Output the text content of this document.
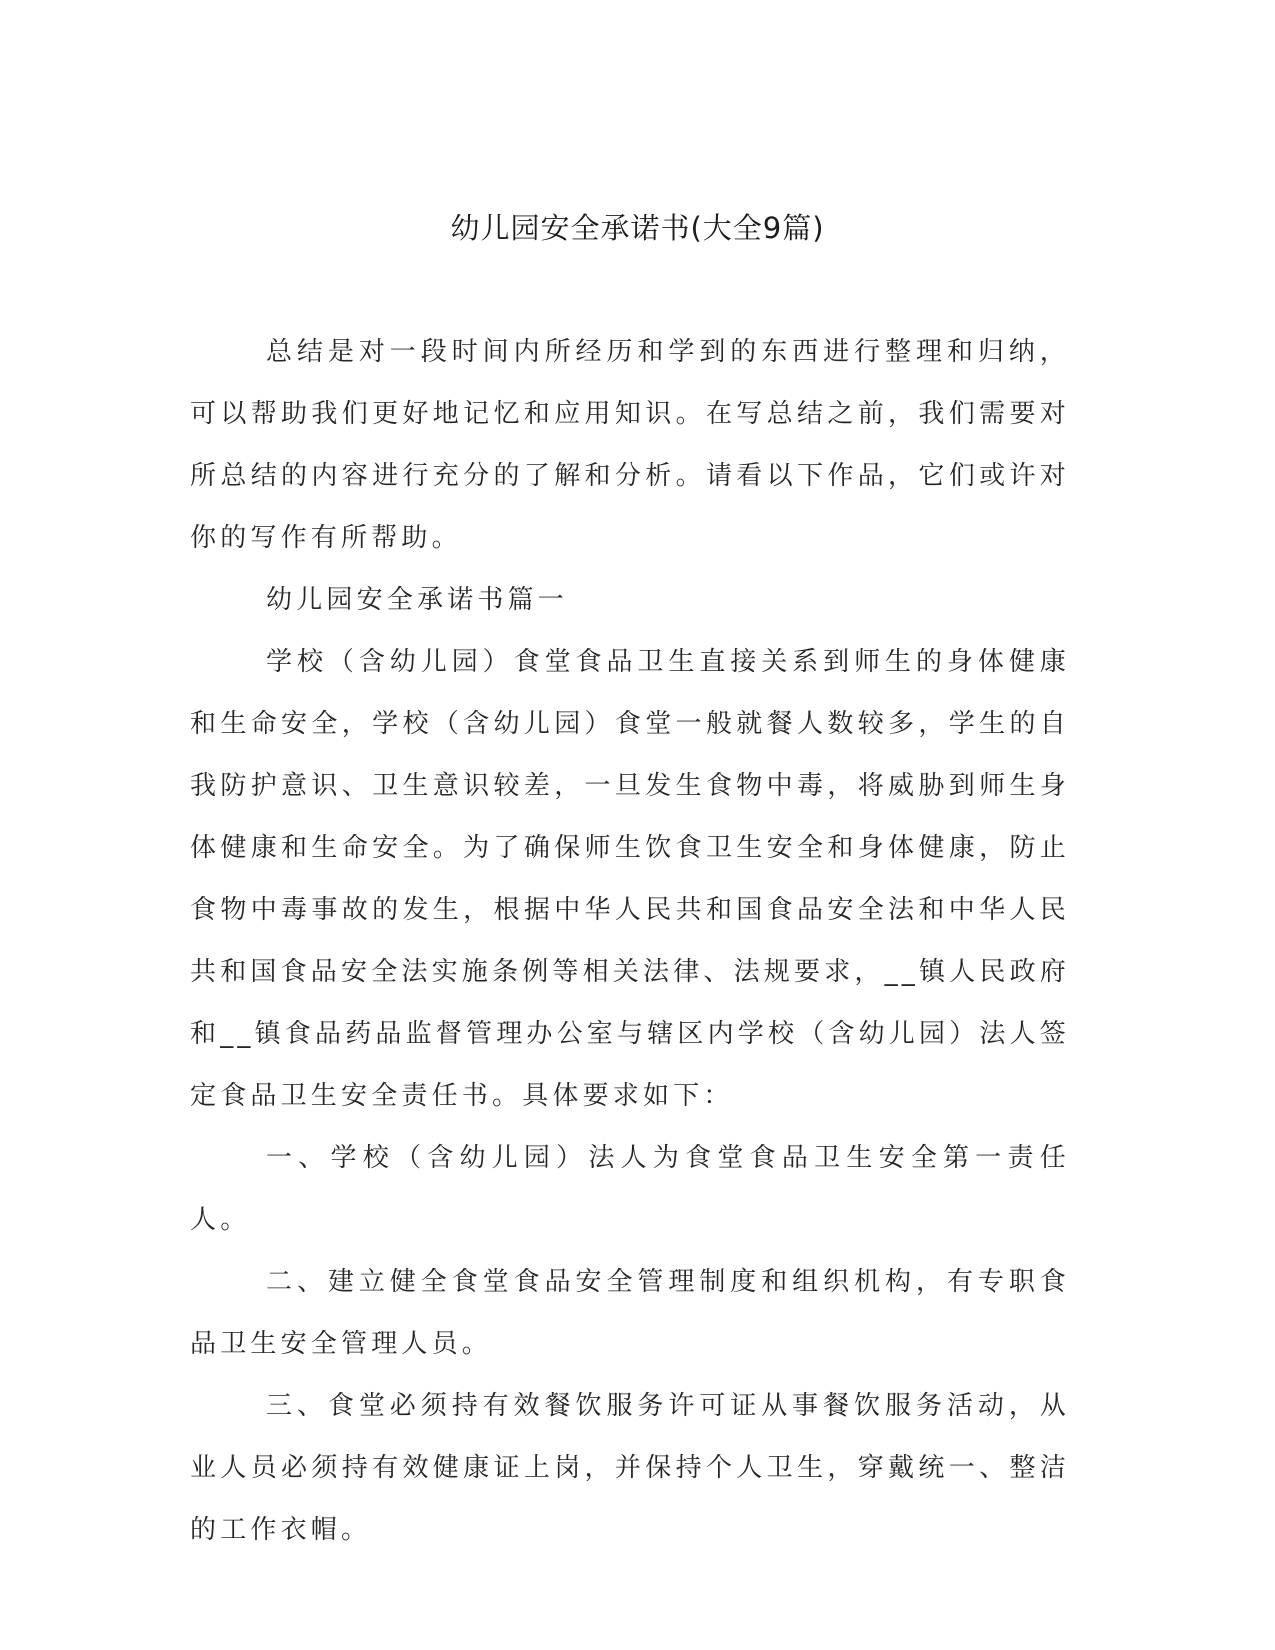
幼儿园安全承诺书(大全9篇)

总结是对一段时间内所经历和学到的东西进行整理和归纳，可以帮助我们更好地记忆和应用知识。在写总结之前，我们需要对所总结的内容进行充分的了解和分析。请看以下作品，它们或许对你的写作有所帮助。

幼儿园安全承诺书篇一

学校（含幼儿园）食堂食品卫生直接关系到师生的身体健康和生命安全，学校（含幼儿园）食堂一般就餐人数较多，学生的自我防护意识、卫生意识较差，一旦发生食物中毒，将威胁到师生身体健康和生命安全。为了确保师生饮食卫生安全和身体健康，防止食物中毒事故的发生，根据中华人民共和国食品安全法和中华人民共和国食品安全法实施条例等相关法律、法规要求，__镇人民政府和__镇食品药品监督管理办公室与辖区内学校（含幼儿园）法人签定食品卫生安全责任书。具体要求如下：

一、学校（含幼儿园）法人为食堂食品卫生安全第一责任人。

二、建立健全食堂食品安全管理制度和组织机构，有专职食品卫生安全管理人员。

三、食堂必须持有效餐饮服务许可证从事餐饮服务活动，从业人员必须持有效健康证上岗，并保持个人卫生，穿戴统一、整洁的工作衣帽。
